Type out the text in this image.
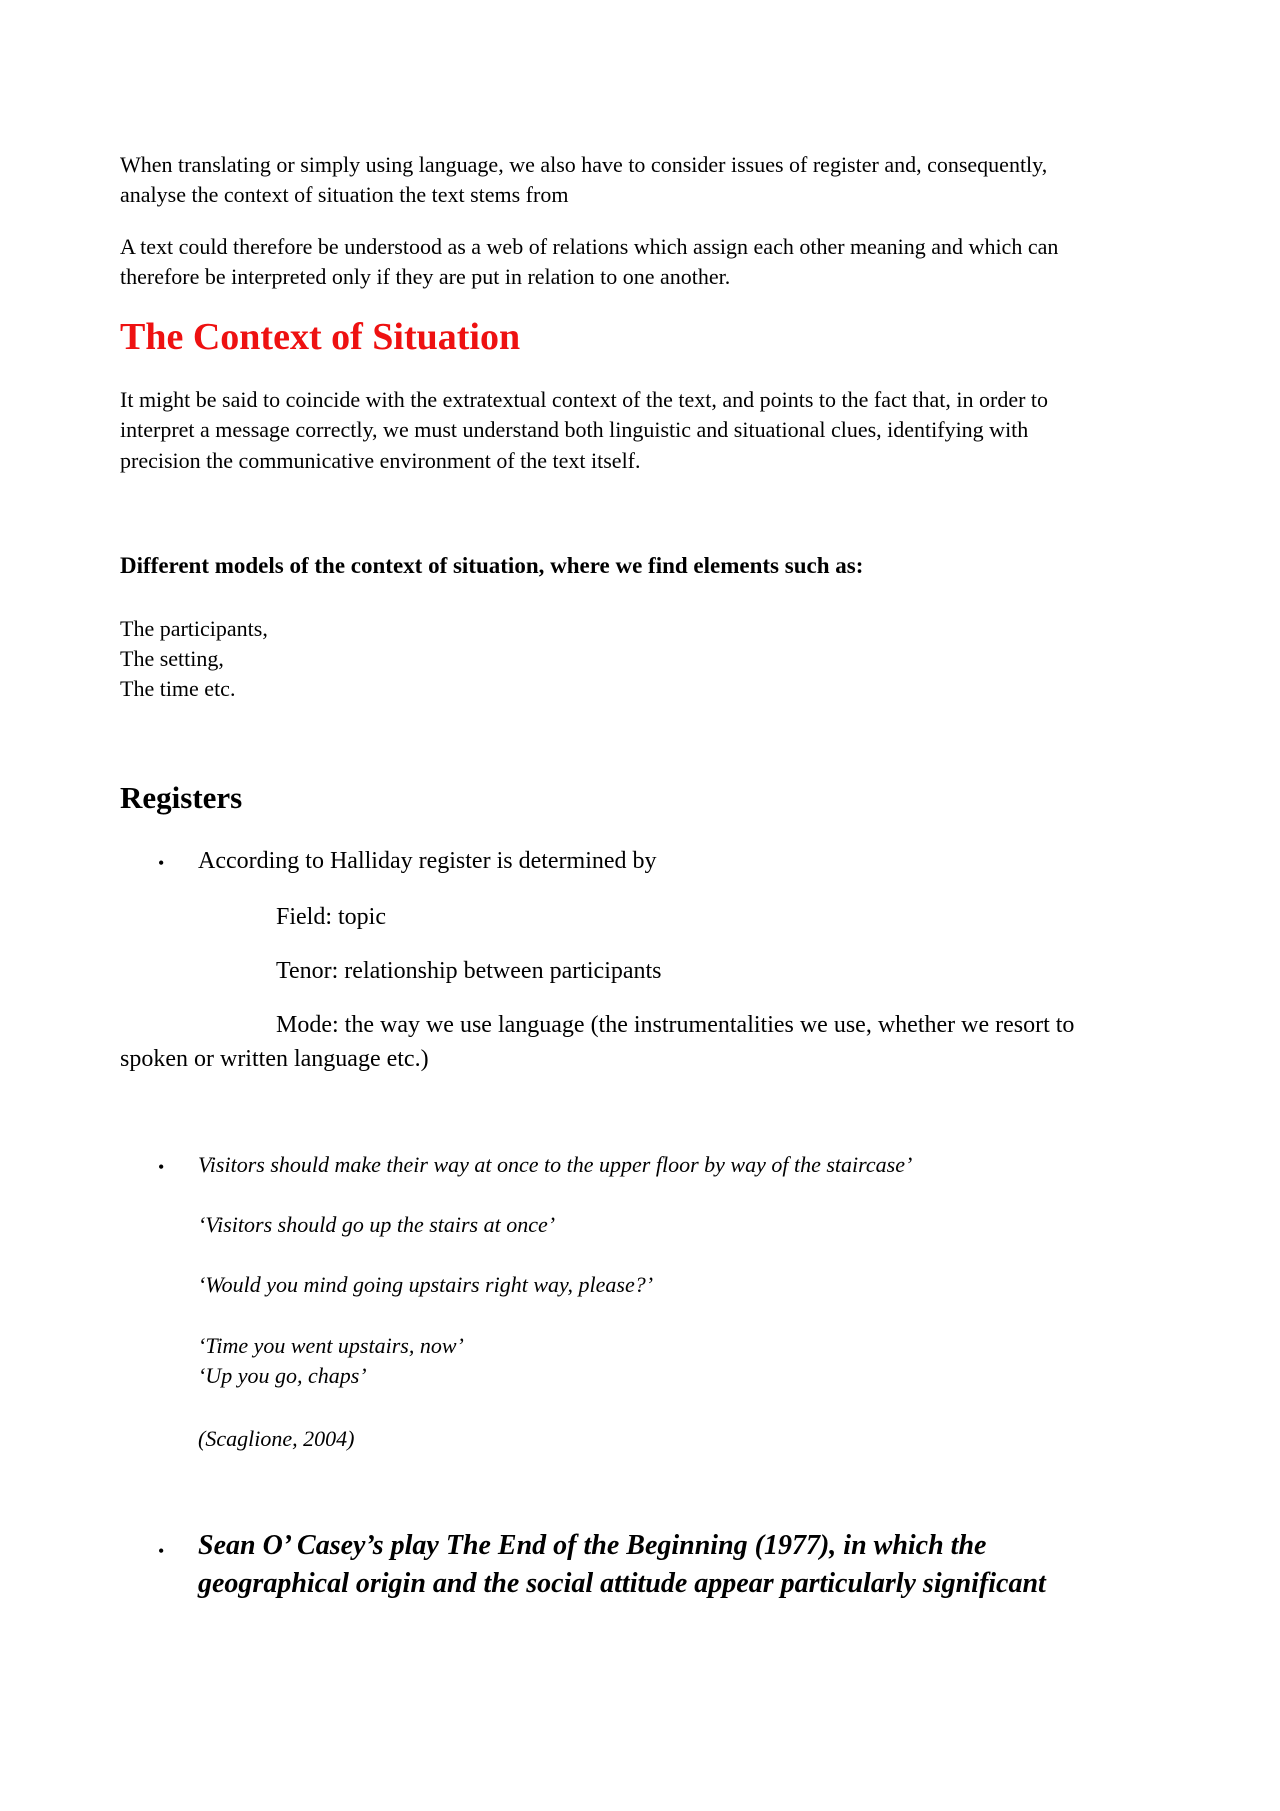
When translating or simply using language, we also have to consider issues of register and, consequently,

analyse the context of situation the text stems from

A text could therefore be understood as a web of relations which assign each other meaning and which can

therefore be interpreted only if they are put in relation to one another.

The Context of Situation

It might be said to coincide with the extratextual context of the text, and points to the fact that, in order to

interpret a message correctly, we must understand both linguistic and situational clues, identifying with

precision the communicative environment of the text itself.

Different models of the context of situation, where we find elements such as:

The participants,

The setting,

The time etc.

Registers
• According to Halliday register is determined by

Field: topic

Tenor: relationship between participants

Mode: the way we use language (the instrumentalities we use, whether we resort to

spoken or written language etc.)

• Visitors should make their way at once to the upper floor by way of the staircase’

‘Visitors should go up the stairs at once’

‘Would you mind going upstairs right way, please?’

‘Time you went upstairs, now’

‘Up you go, chaps’

(Scaglione, 2004)

• Sean O’ Casey’s play The End of the Beginning (1977), in which the

geographical origin and the social attitude appear particularly significant
